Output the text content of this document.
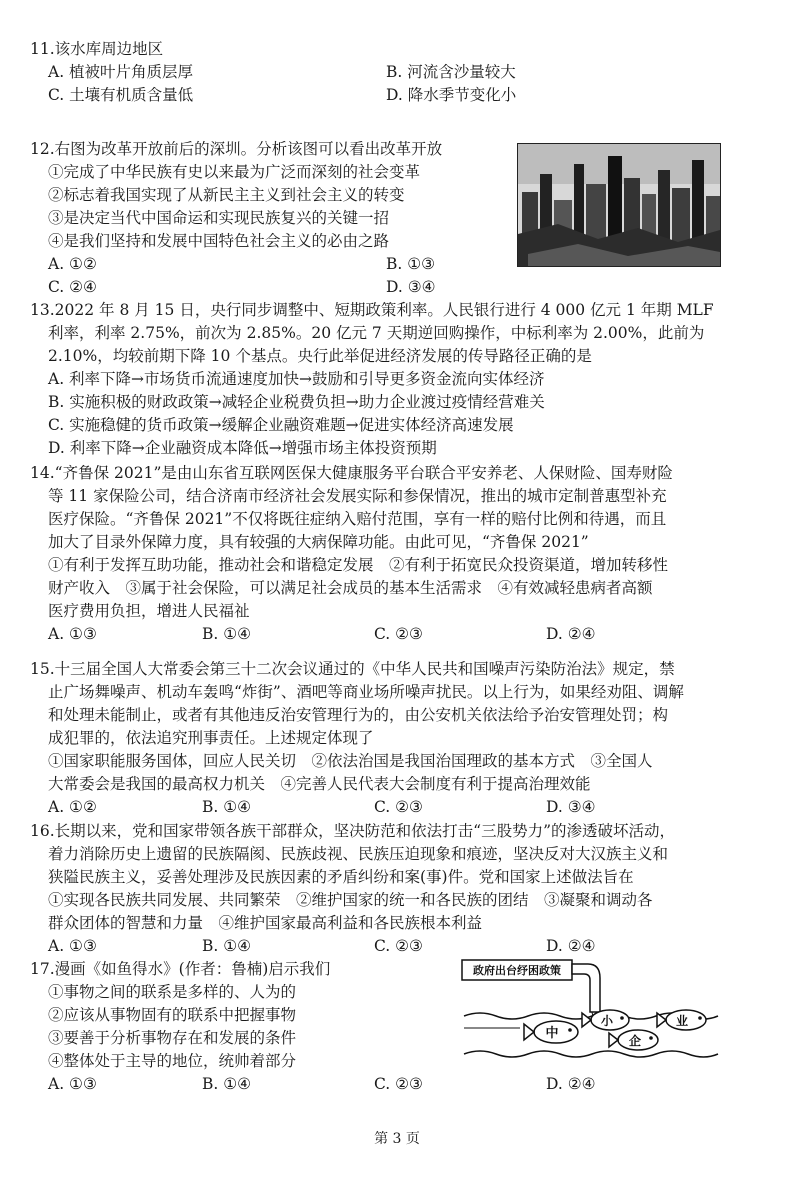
11.该水库周边地区
A. 植被叶片角质层厚	B. 河流含沙量较大
C. 土壤有机质含量低	D. 降水季节变化小
12.右图为改革开放前后的深圳。分析该图可以看出改革开放
①完成了中华民族有史以来最为广泛而深刻的社会变革
②标志着我国实现了从新民主主义到社会主义的转变
③是决定当代中国命运和实现民族复兴的关键一招
④是我们坚持和发展中国特色社会主义的必由之路
A. ①②	B. ①③
C. ②④	D. ③④
13.2022 年 8 月 15 日，央行同步调整中、短期政策利率。人民银行进行 4 000 亿元 1 年期 MLF
利率，利率 2.75%，前次为 2.85%。20 亿元 7 天期逆回购操作，中标利率为 2.00%，此前为
2.10%，均较前期下降 10 个基点。央行此举促进经济发展的传导路径正确的是
A. 利率下降→市场货币流通速度加快→鼓励和引导更多资金流向实体经济
B. 实施积极的财政政策→减轻企业税费负担→助力企业渡过疫情经营难关
C. 实施稳健的货币政策→缓解企业融资难题→促进实体经济高速发展
D. 利率下降→企业融资成本降低→增强市场主体投资预期
14.“齐鲁保 2021”是由山东省互联网医保大健康服务平台联合平安养老、人保财险、国寿财险
等 11 家保险公司，结合济南市经济社会发展实际和参保情况，推出的城市定制普惠型补充
医疗保险。“齐鲁保 2021”不仅将既往症纳入赔付范围，享有一样的赔付比例和待遇，而且
加大了目录外保障力度，具有较强的大病保障功能。由此可见，“齐鲁保 2021”
①有利于发挥互助功能，推动社会和谐稳定发展　②有利于拓宽民众投资渠道，增加转移性
财产收入　③属于社会保险，可以满足社会成员的基本生活需求　④有效减轻患病者高额
医疗费用负担，增进人民福祉
A. ①③	B. ①④	C. ②③	D. ②④
15.十三届全国人大常委会第三十二次会议通过的《中华人民共和国噪声污染防治法》规定，禁
止广场舞噪声、机动车轰鸣“炸街”、酒吧等商业场所噪声扰民。以上行为，如果经劝阻、调解
和处理未能制止，或者有其他违反治安管理行为的，由公安机关依法给予治安管理处罚；构
成犯罪的，依法追究刑事责任。上述规定体现了
①国家职能服务国体，回应人民关切　②依法治国是我国治国理政的基本方式　③全国人
大常委会是我国的最高权力机关　④完善人民代表大会制度有利于提高治理效能
A. ①②	B. ①④	C. ②③	D. ③④
16.长期以来，党和国家带领各族干部群众，坚决防范和依法打击“三股势力”的渗透破坏活动，
着力消除历史上遗留的民族隔阂、民族歧视、民族压迫现象和痕迹，坚决反对大汉族主义和
狭隘民族主义，妥善处理涉及民族因素的矛盾纠纷和案(事)件。党和国家上述做法旨在
①实现各民族共同发展、共同繁荣　②维护国家的统一和各民族的团结　③凝聚和调动各
群众团体的智慧和力量　④维护国家最高利益和各民族根本利益
A. ①③	B. ①④	C. ②③	D. ②④
17.漫画《如鱼得水》(作者：鲁楠)启示我们
①事物之间的联系是多样的、人为的
②应该从事物固有的联系中把握事物
③要善于分析事物存在和发展的条件
④整体处于主导的地位，统帅着部分
A. ①③	B. ①④	C. ②③	D. ②④
政府出台纾困政策
中
小
企
业
第 3 页
